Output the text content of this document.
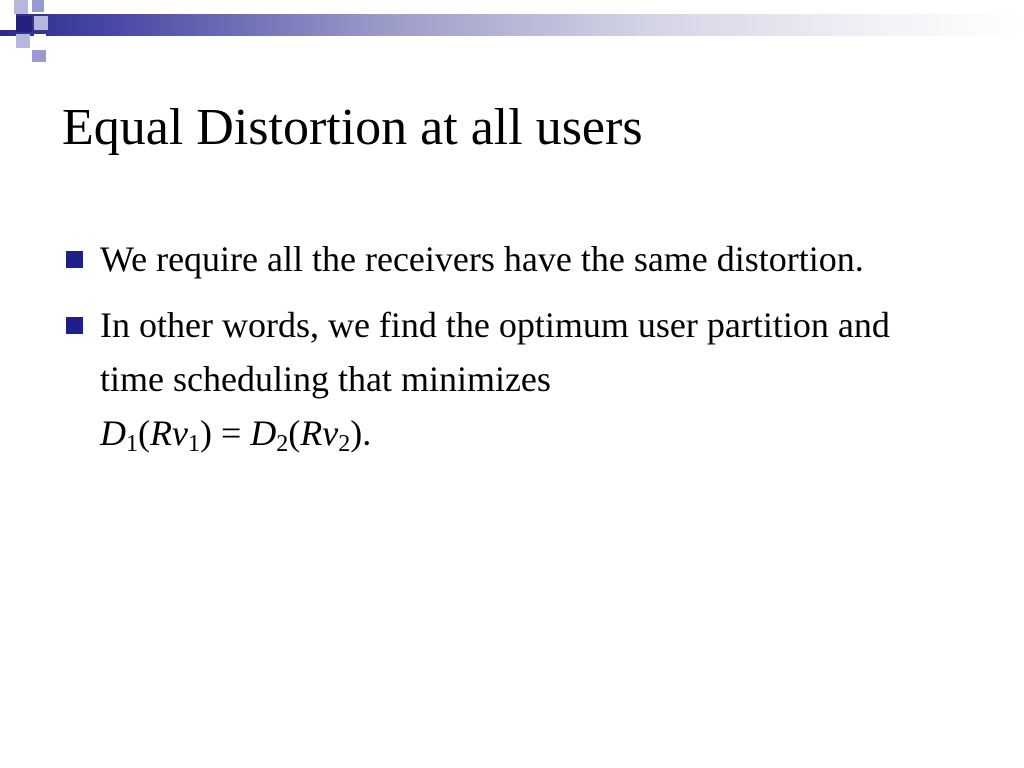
Equal Distortion at all users
We require all the receivers have the same distortion.
In other words, we find the optimum user partition and time scheduling that minimizes
$D_1(Rv_1) = D_2(Rv_2)$.
